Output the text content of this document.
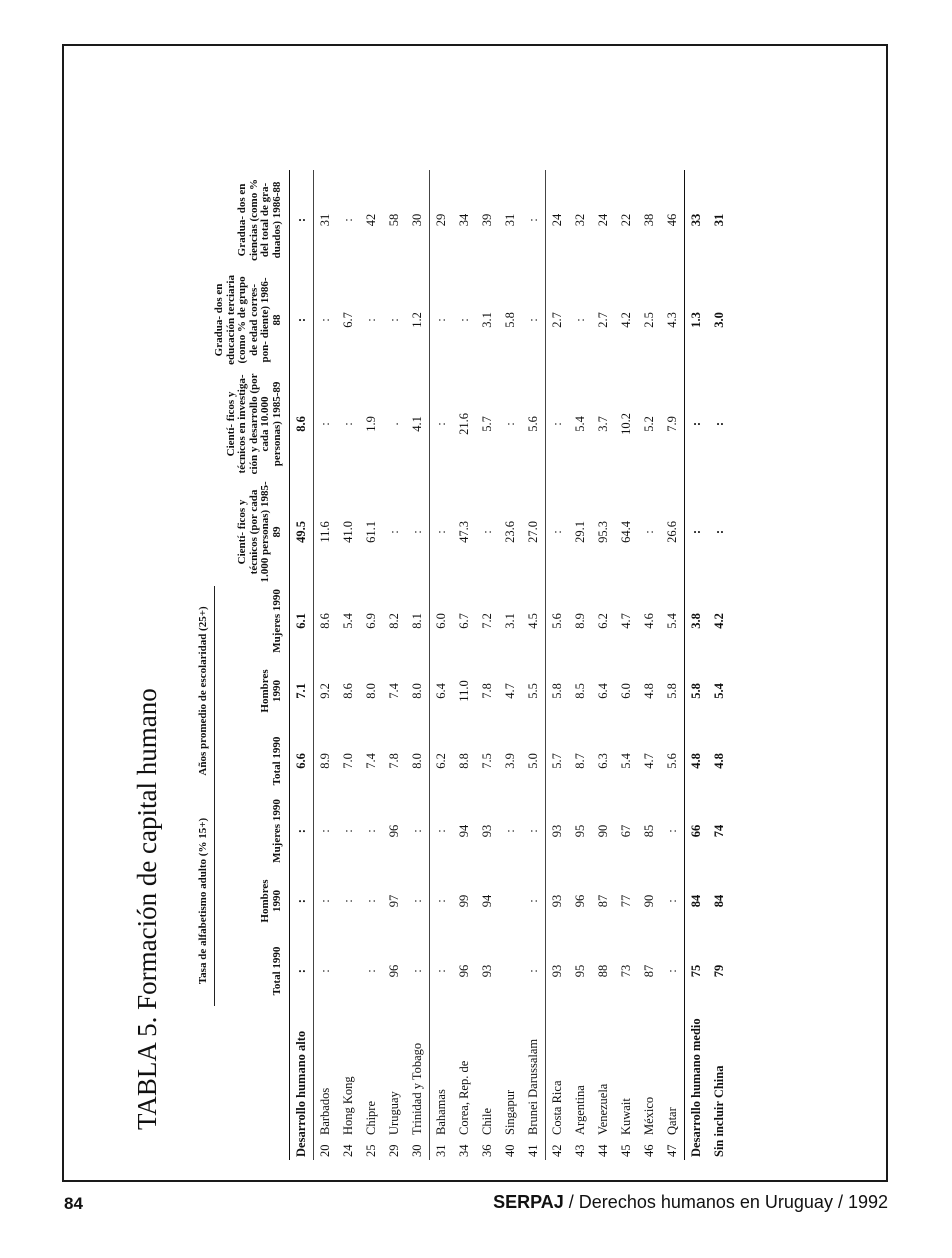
TABLA 5. Formación de capital humano
		Tasa de alfabetismo adulto (% 15+)			Años promedio de escolaridad (25+)						
		Total 1990	Hombres 1990	Mujeres 1990	Total 1990	Hombres 1990	Mujeres 1990	Cientí- ficos y técnicos (por cada 1.000 personas) 1985-89	Cientí- ficos y técnicos en investiga- ción y desarrollo (por cada 10.000 personas) 1985-89	Gradua- dos en educación terciaria (como % de grupo de edad corres- pon- diente) 1986-88	Gradua- dos en ciencias (como % del total de gra- duados) 1986-88
Desarrollo humano alto		:	:	:	6.6	7.1	6.1	49.5	8.6	:	:
20	Barbados	:	:	:	8.9	9.2	8.6	11.6	:	:	31
24	Hong Kong		:	:	7.0	8.6	5.4	41.0	:	6.7	:
25	Chipre	:	:	:	7.4	8.0	6.9	61.1	1.9	:	42
29	Uruguay	96	97	96	7.8	7.4	8.2	:	.	:	58
30	Trinidad y Tobago	:	:	:	8.0	8.0	8.1	:	4.1	1.2	30
31	Bahamas	:	:	:	6.2	6.4	6.0	:	:	:	29
34	Corea, Rep. de	96	99	94	8.8	11.0	6.7	47.3	21.6	:	34
36	Chile	93	94	93	7.5	7.8	7.2	:	5.7	3.1	39
40	Singapur			:	3.9	4.7	3.1	23.6	:	5.8	31
41	Brunei Darussalam	:	:	:	5.0	5.5	4.5	27.0	5.6	:	:
42	Costa Rica	93	93	93	5.7	5.8	5.6	:	:	2.7	24
43	Argentina	95	96	95	8.7	8.5	8.9	29.1	5.4	:	32
44	Venezuela	88	87	90	6.3	6.4	6.2	95.3	3.7	2.7	24
45	Kuwait	73	77	67	5.4	6.0	4.7	64.4	10.2	4.2	22
46	México	87	90	85	4.7	4.8	4.6	:	5.2	2.5	38
47	Qatar	:	:	:	5.6	5.8	5.4	26.6	7.9	4.3	46
Desarrollo humano medio		75	84	66	4.8	5.8	3.8	:	:	1.3	33
Sin incluir China		79	84	74	4.8	5.4	4.2	:	:	3.0	31
84	SERPAJ / Derechos humanos en Uruguay / 1992
